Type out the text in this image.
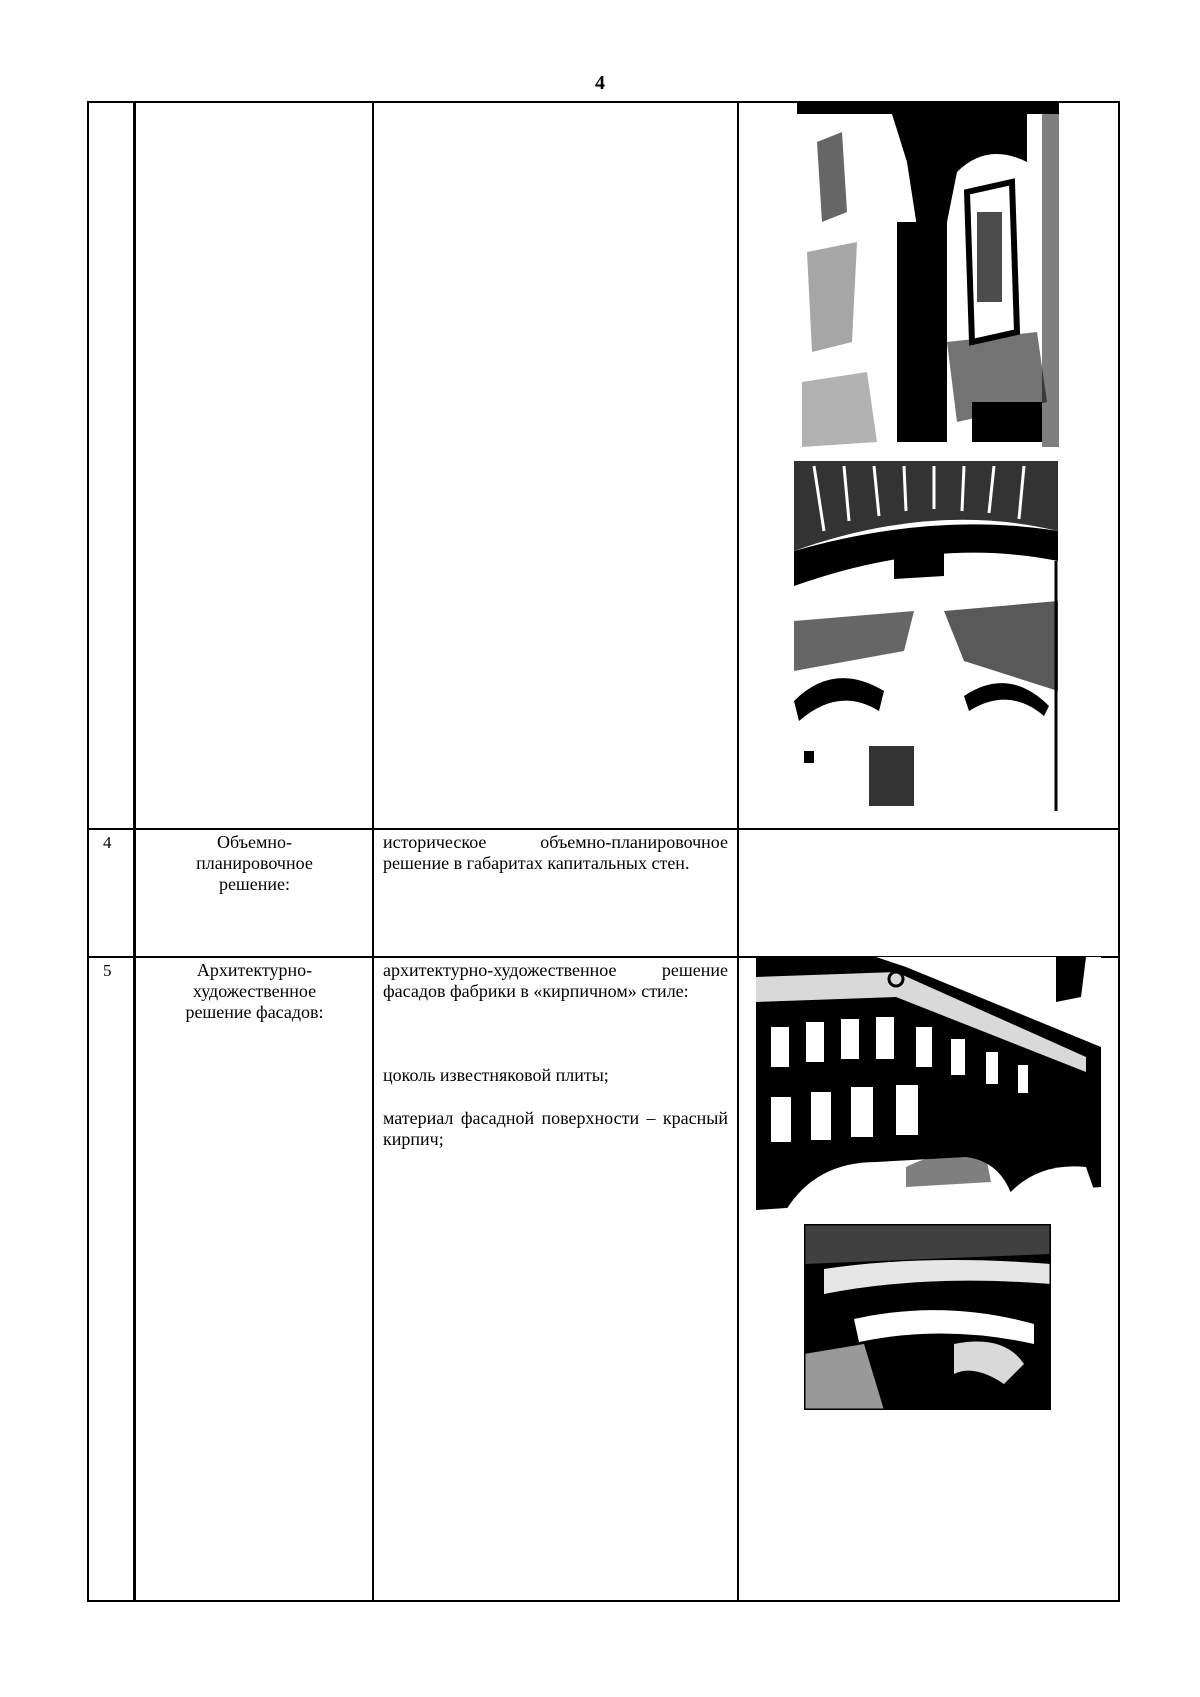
4
4	Объемно-
планировочное
решение:

историческое объемно-планировочное решение в габаритах капитальных стен.

5	Архитектурно-
художественное
решение фасадов:

архитектурно-художественное решение фасадов фабрики в «кирпичном» стиле:

цоколь известняковой плиты;

материал фасадной поверхности – красный кирпич;
